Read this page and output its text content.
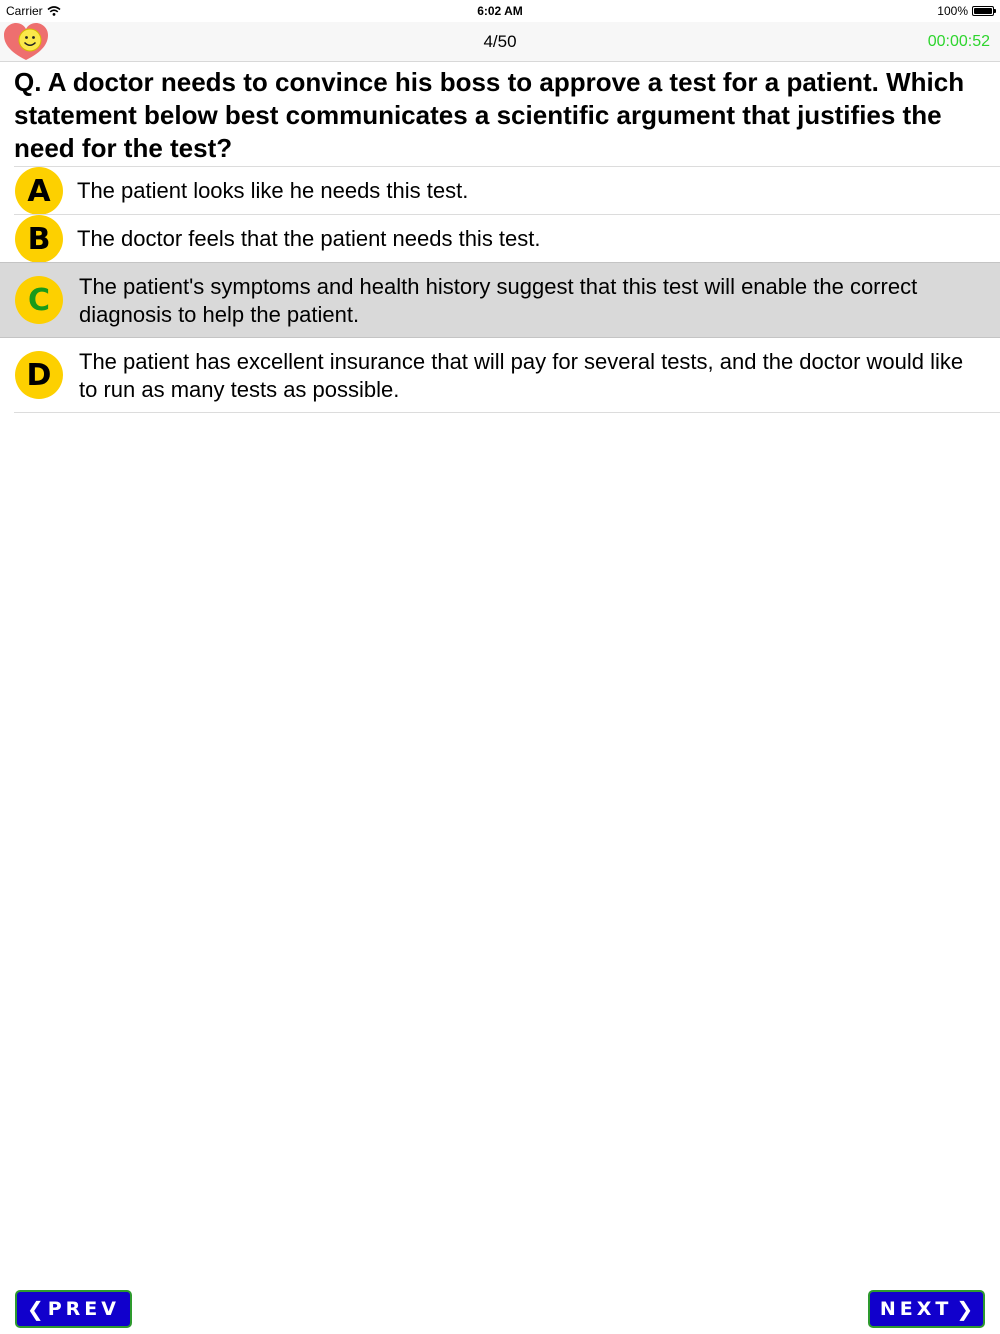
Carrier	6:02 AM	100%
4/50	00:00:52
Q. A doctor needs to convince his boss to approve a test for a patient. Which statement below best communicates a scientific argument that justifies the need for the test?
A The patient looks like he needs this test.
B The doctor feels that the patient needs this test.
C The patient's symptoms and health history suggest that this test will enable the correct diagnosis to help the patient.
D The patient has excellent insurance that will pay for several tests, and the doctor would like to run as many tests as possible.
❮ PREV	NEXT ❯
